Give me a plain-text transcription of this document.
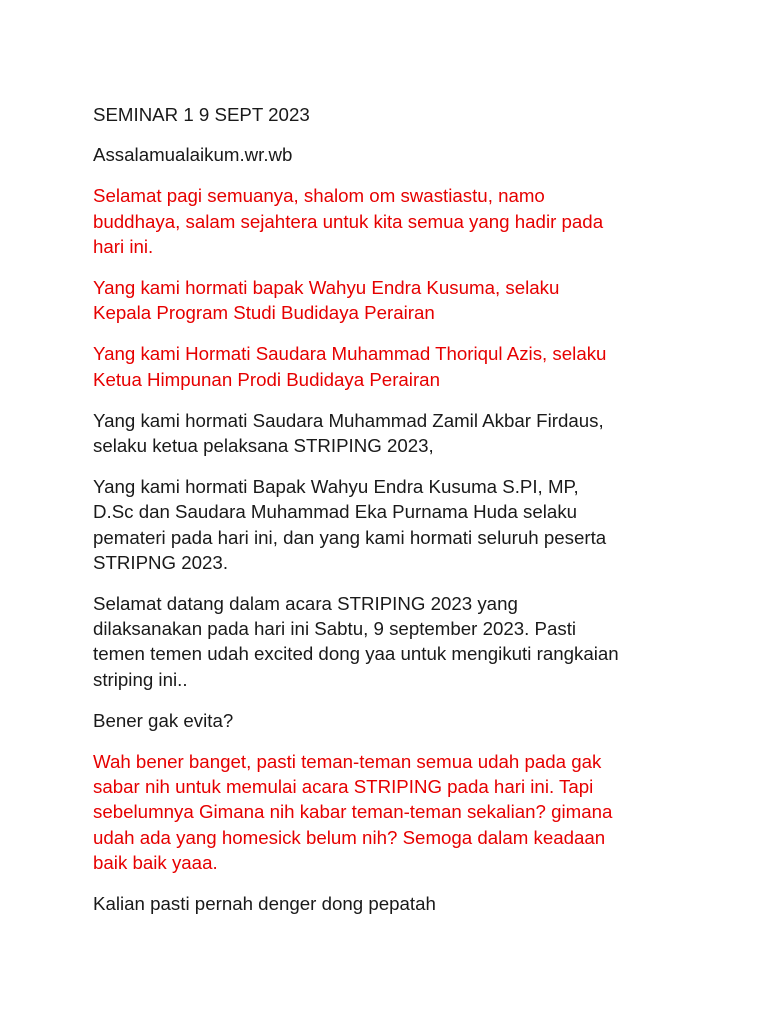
SEMINAR 1 9 SEPT 2023

Assalamualaikum.wr.wb

Selamat pagi semuanya, shalom om swastiastu, namo
buddhaya, salam sejahtera untuk kita semua yang hadir pada
hari ini.

Yang kami hormati bapak Wahyu Endra Kusuma, selaku
Kepala Program Studi Budidaya Perairan

Yang kami Hormati Saudara Muhammad Thoriqul Azis, selaku
Ketua Himpunan Prodi Budidaya Perairan

Yang kami hormati Saudara Muhammad Zamil Akbar Firdaus,
selaku ketua pelaksana STRIPING 2023,

Yang kami hormati Bapak Wahyu Endra Kusuma S.PI, MP,
D.Sc dan Saudara Muhammad Eka Purnama Huda selaku
pemateri pada hari ini, dan yang kami hormati seluruh peserta
STRIPNG 2023.

Selamat datang dalam acara STRIPING 2023 yang
dilaksanakan pada hari ini Sabtu, 9 september 2023. Pasti
temen temen udah excited dong yaa untuk mengikuti rangkaian
striping ini..

Bener gak evita?

Wah bener banget, pasti teman-teman semua udah pada gak
sabar nih untuk memulai acara STRIPING pada hari ini. Tapi
sebelumnya Gimana nih kabar teman-teman sekalian? gimana
udah ada yang homesick belum nih? Semoga dalam keadaan
baik baik yaaa.

Kalian pasti pernah denger dong pepatah
